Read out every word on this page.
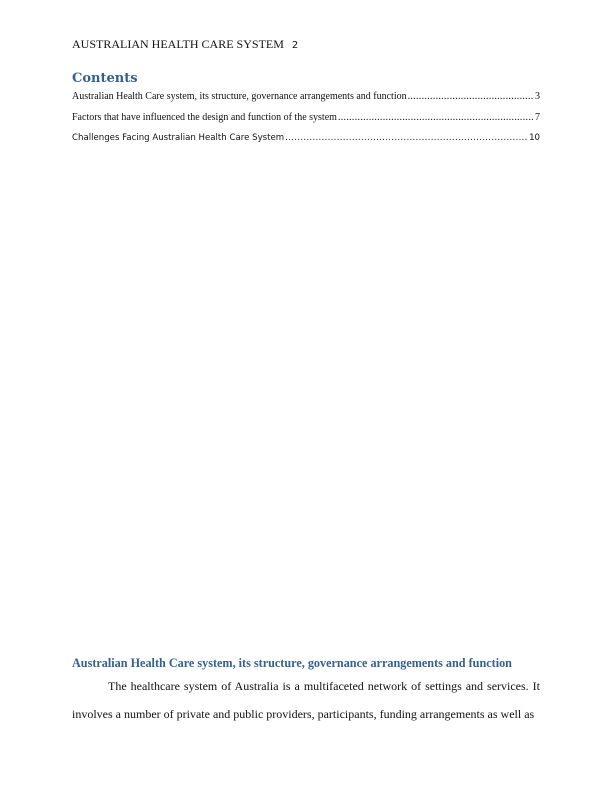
AUSTRALIAN HEALTH CARE SYSTEM 2
Contents
Australian Health Care system, its structure, governance arrangements and function .....	3
Factors that have influenced the design and function of the system .....	7
Challenges Facing Australian Health Care System .....	10
Australian Health Care system, its structure, governance arrangements and function

The healthcare system of Australia is a multifaceted network of settings and services. It involves a number of private and public providers, participants, funding arrangements as well as
